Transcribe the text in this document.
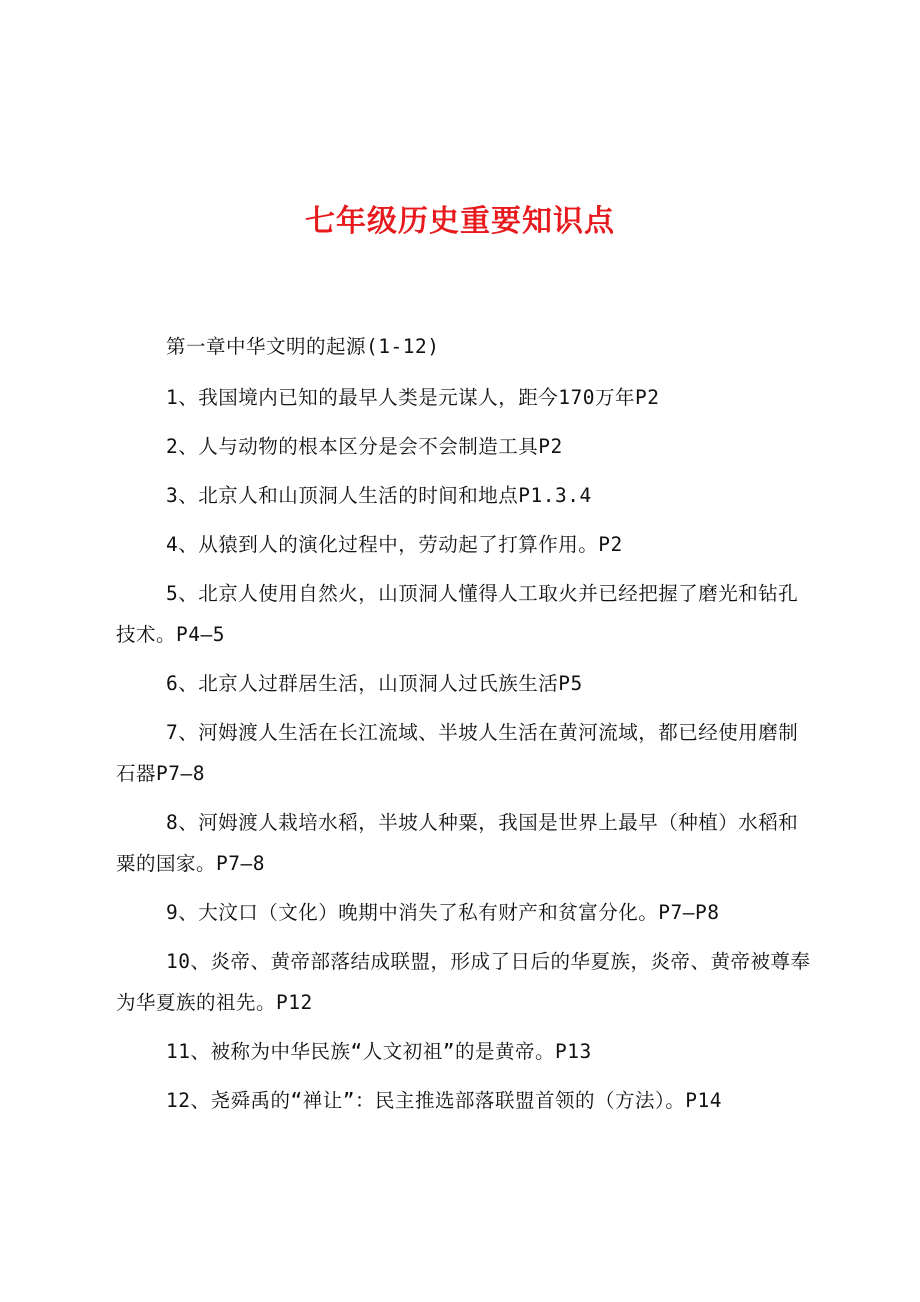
七年级历史重要知识点

第一章中华文明的起源(1-12)

1、我国境内已知的最早人类是元谋人，距今170万年P2

2、人与动物的根本区分是会不会制造工具P2

3、北京人和山顶洞人生活的时间和地点P1.3.4

4、从猿到人的演化过程中，劳动起了打算作用。P2

5、北京人使用自然火，山顶洞人懂得人工取火并已经把握了磨光和钻孔技术。P4—5

6、北京人过群居生活，山顶洞人过氏族生活P5

7、河姆渡人生活在长江流域、半坡人生活在黄河流域，都已经使用磨制石器P7—8

8、河姆渡人栽培水稻，半坡人种粟，我国是世界上最早（种植）水稻和粟的国家。P7—8

9、大汶口（文化）晚期中消失了私有财产和贫富分化。P7—P8

10、炎帝、黄帝部落结成联盟，形成了日后的华夏族，炎帝、黄帝被尊奉为华夏族的祖先。P12

11、被称为中华民族“人文初祖”的是黄帝。P13

12、尧舜禹的“禅让”：民主推选部落联盟首领的（方法）。P14
